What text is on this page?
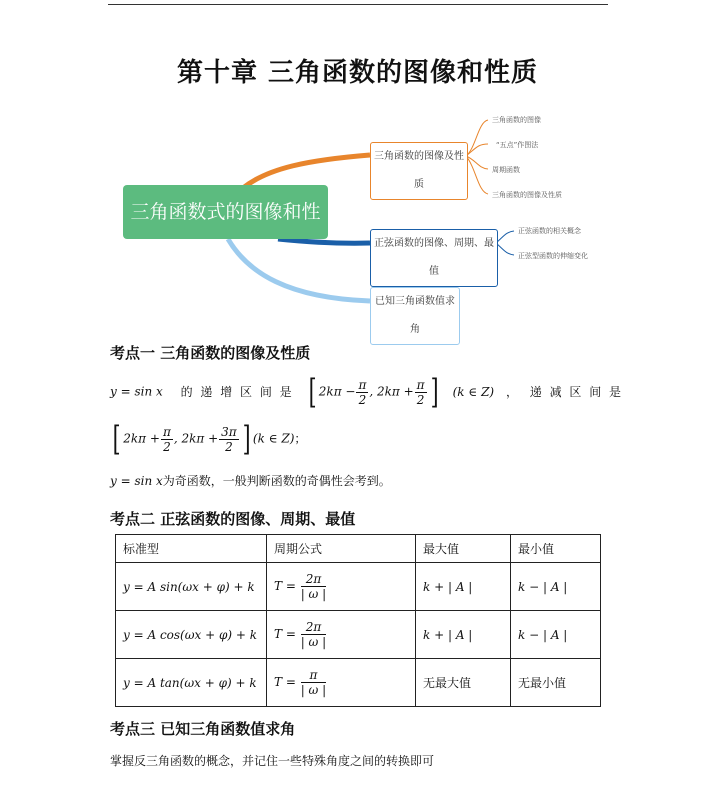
第十章 三角函数的图像和性质
三角函数式的图像和性质
三角函数的图像及性质
正弦函数的图像、周期、最值
已知三角函数值求角
三角函数的图像
“五点”作图法
周期函数
三角函数的图像及性质
正弦函数的相关概念
正弦型函数的伸缩变化
考点一 三角函数的图像及性质
y = sin x 的 递 增 区 间 是 [ $2k\pi - \frac{\pi}{2}$ , $2k\pi + \frac{\pi}{2}$ ] (k ∈ Z) ， 递 减 区 间 是
[ $2k\pi + \frac{\pi}{2}$ , $2k\pi + \frac{3\pi}{2}$ ] (k ∈ Z)；
y = sin x为奇函数，一般判断函数的奇偶性会考到。
考点二 正弦函数的图像、周期、最值
标准型	周期公式	最大值	最小值
y = A sin(ωx + φ) + k	$T = \frac{2\pi}{| \omega |}$	k + | A |	k − | A |
y = A cos(ωx + φ) + k	$T = \frac{2\pi}{| \omega |}$	k + | A |	k − | A |
y = A tan(ωx + φ) + k	$T = \frac{\pi}{| \omega |}$	无最大值	无最小值
考点三 已知三角函数值求角
掌握反三角函数的概念，并记住一些特殊角度之间的转换即可
